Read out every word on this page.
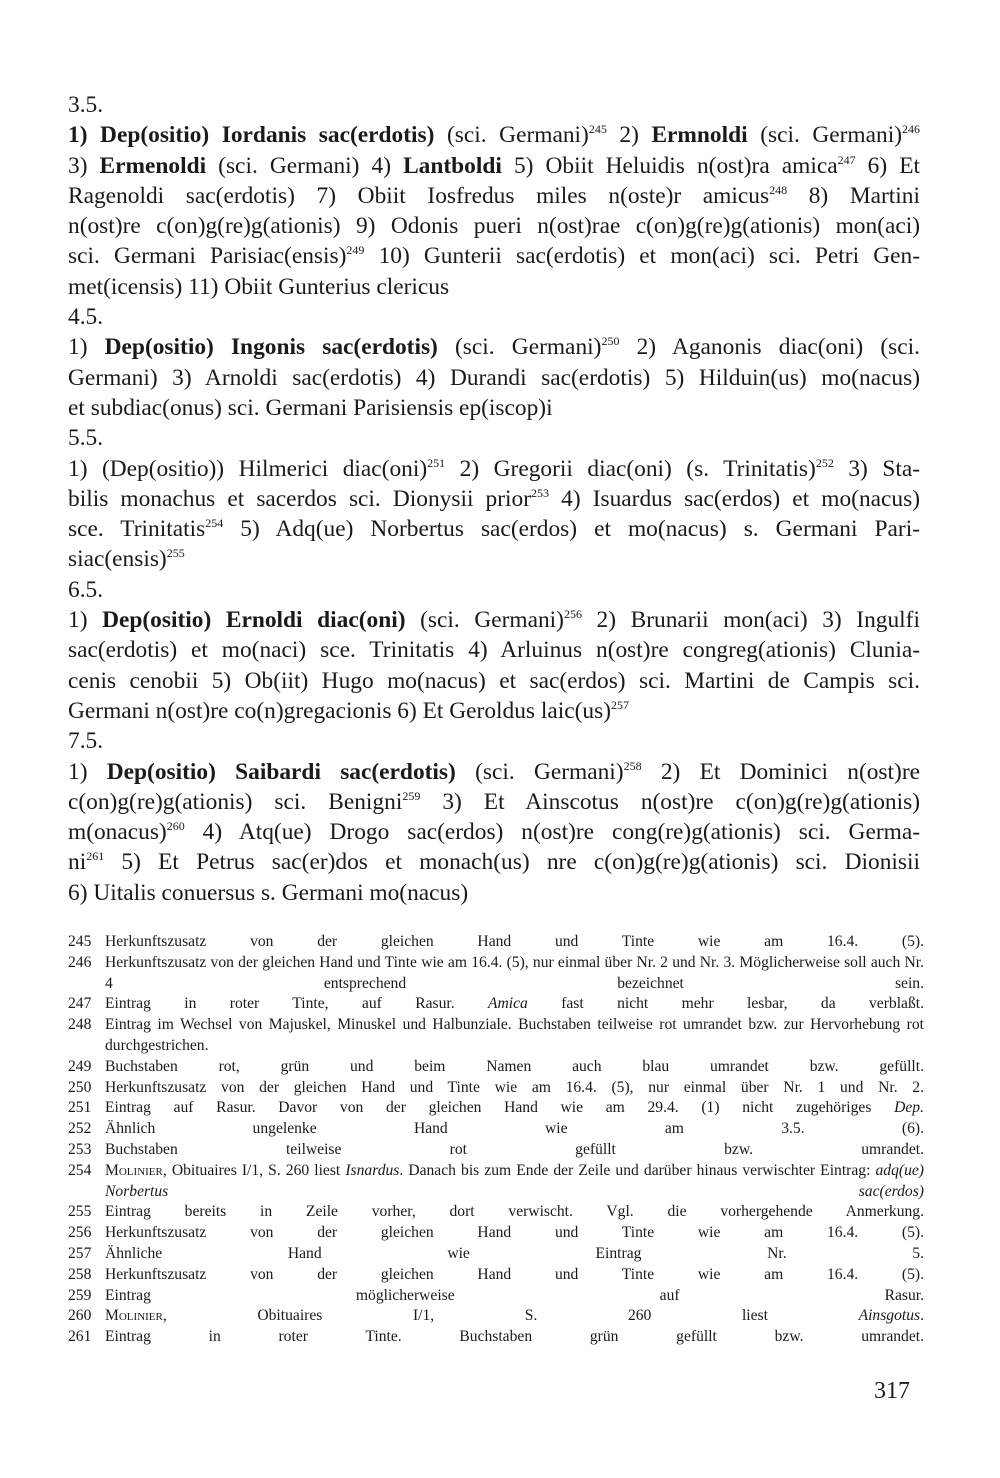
3.5.
1) Dep(ositio) Iordanis sac(erdotis) (sci. Germani)$^{245}$ 2) Ermnoldi (sci. Germani)$^{246}$
3) Ermenoldi (sci. Germani) 4) Lantboldi 5) Obiit Heluidis n(ost)ra amica$^{247}$ 6) Et
Ragenoldi sac(erdotis) 7) Obiit Iosfredus miles n(oste)r amicus$^{248}$ 8) Martini
n(ost)re c(on)g(re)g(ationis) 9) Odonis pueri n(ost)rae c(on)g(re)g(ationis) mon(aci)
sci. Germani Parisiac(ensis)$^{249}$ 10) Gunterii sac(erdotis) et mon(aci) sci. Petri Gen-
met(icensis) 11) Obiit Gunterius clericus
4.5.
1) Dep(ositio) Ingonis sac(erdotis) (sci. Germani)$^{250}$ 2) Aganonis diac(oni) (sci.
Germani) 3) Arnoldi sac(erdotis) 4) Durandi sac(erdotis) 5) Hilduin(us) mo(nacus)
et subdiac(onus) sci. Germani Parisiensis ep(iscop)i
5.5.
1) (Dep(ositio)) Hilmerici diac(oni)$^{251}$ 2) Gregorii diac(oni) (s. Trinitatis)$^{252}$ 3) Sta-
bilis monachus et sacerdos sci. Dionysii prior$^{253}$ 4) Isuardus sac(erdos) et mo(nacus)
sce. Trinitatis$^{254}$ 5) Adq(ue) Norbertus sac(erdos) et mo(nacus) s. Germani Pari-
siac(ensis)$^{255}$
6.5.
1) Dep(ositio) Ernoldi diac(oni) (sci. Germani)$^{256}$ 2) Brunarii mon(aci) 3) Ingulfi
sac(erdotis) et mo(naci) sce. Trinitatis 4) Arluinus n(ost)re congreg(ationis) Clunia-
cenis cenobii 5) Ob(iit) Hugo mo(nacus) et sac(erdos) sci. Martini de Campis sci.
Germani n(ost)re co(n)gregacionis 6) Et Geroldus laic(us)$^{257}$
7.5.
1) Dep(ositio) Saibardi sac(erdotis) (sci. Germani)$^{258}$ 2) Et Dominici n(ost)re
c(on)g(re)g(ationis) sci. Benigni$^{259}$ 3) Et Ainscotus n(ost)re c(on)g(re)g(ationis)
m(onacus)$^{260}$ 4) Atq(ue) Drogo sac(erdos) n(ost)re cong(re)g(ationis) sci. Germa-
$ni^{261}$ 5) Et Petrus sac(er)dos et monach(us) nre c(on)g(re)g(ationis) sci. Dionisii
6) Uitalis conuersus s. Germani mo(nacus)
245 Herkunftszusatz von der gleichen Hand und Tinte wie am 16.4. (5).
246 Herkunftszusatz von der gleichen Hand und Tinte wie am 16.4. (5), nur einmal über Nr. 2 und Nr. 3. Möglicherweise soll auch Nr. 4 entsprechend bezeichnet sein.
247 Eintrag in roter Tinte, auf Rasur. Amica fast nicht mehr lesbar, da verblaßt.
248 Eintrag im Wechsel von Majuskel, Minuskel und Halbunziale. Buchstaben teilweise rot umrandet bzw. zur Hervorhebung rot durchgestrichen.
249 Buchstaben rot, grün und beim Namen auch blau umrandet bzw. gefüllt.
250 Herkunftszusatz von der gleichen Hand und Tinte wie am 16.4. (5), nur einmal über Nr. 1 und Nr. 2.
251 Eintrag auf Rasur. Davor von der gleichen Hand wie am 29.4. (1) nicht zugehöriges Dep.
252 Ähnlich ungelenke Hand wie am 3.5. (6).
253 Buchstaben teilweise rot gefüllt bzw. umrandet.
254 Molinier, Obituaires I/1, S. 260 liest Isnardus. Danach bis zum Ende der Zeile und darüber hinaus verwischter Eintrag: adq(ue) Norbertus sac(erdos)
255 Eintrag bereits in Zeile vorher, dort verwischt. Vgl. die vorhergehende Anmerkung.
256 Herkunftszusatz von der gleichen Hand und Tinte wie am 16.4. (5).
257 Ähnliche Hand wie Eintrag Nr. 5.
258 Herkunftszusatz von der gleichen Hand und Tinte wie am 16.4. (5).
259 Eintrag möglicherweise auf Rasur.
260 Molinier, Obituaires I/1, S. 260 liest Ainsgotus.
261 Eintrag in roter Tinte. Buchstaben grün gefüllt bzw. umrandet.
317
